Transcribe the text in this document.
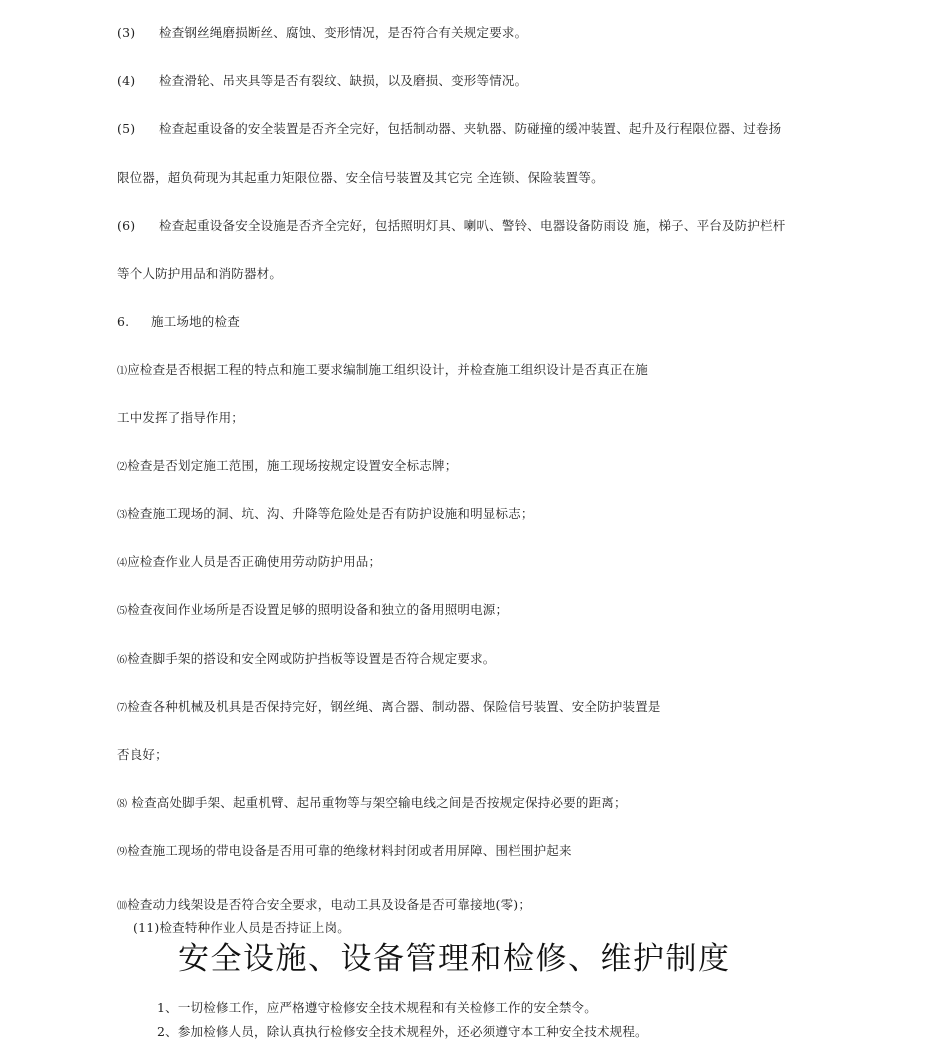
(3) 检查钢丝绳磨损断丝、腐蚀、变形情况，是否符合有关规定要求。
(4) 检查滑轮、吊夹具等是否有裂纹、缺损，以及磨损、变形等情况。
(5) 检查起重设备的安全装置是否齐全完好，包括制动器、夹轨器、防碰撞的缓冲装置、起升及行程限位器、过卷扬
限位器，超负荷现为其起重力矩限位器、安全信号装置及其它完 全连锁、保险装置等。
(6) 检查起重设备安全设施是否齐全完好，包括照明灯具、喇叭、警铃、电器设备防雨设 施，梯子、平台及防护栏杆
等个人防护用品和消防器材。
6. 施工场地的检查
⑴应检查是否根据工程的特点和施工要求编制施工组织设计，并检查施工组织设计是否真正在施
工中发挥了指导作用；
⑵检查是否划定施工范围，施工现场按规定设置安全标志牌；
⑶检查施工现场的洞、坑、沟、升降等危险处是否有防护设施和明显标志；
⑷应检查作业人员是否正确使用劳动防护用品；
⑸检查夜间作业场所是否设置足够的照明设备和独立的备用照明电源；
⑹检查脚手架的搭设和安全网或防护挡板等设置是否符合规定要求。
⑺检查各种机械及机具是否保持完好，钢丝绳、离合器、制动器、保险信号装置、安全防护装置是
否良好；
⑻ 检查高处脚手架、起重机臂、起吊重物等与架空输电线之间是否按规定保持必要的距离；
⑼检查施工现场的带电设备是否用可靠的绝缘材料封闭或者用屏障、围栏围护起来
⑽检查动力线架设是否符合安全要求，电动工具及设备是否可靠接地(零)；
(11)检查特种作业人员是否持证上岗。
安全设施、设备管理和检修、维护制度
1、一切检修工作，应严格遵守检修安全技术规程和有关检修工作的安全禁令。
2、参加检修人员，除认真执行检修安全技术规程外，还必须遵守本工种安全技术规程。
